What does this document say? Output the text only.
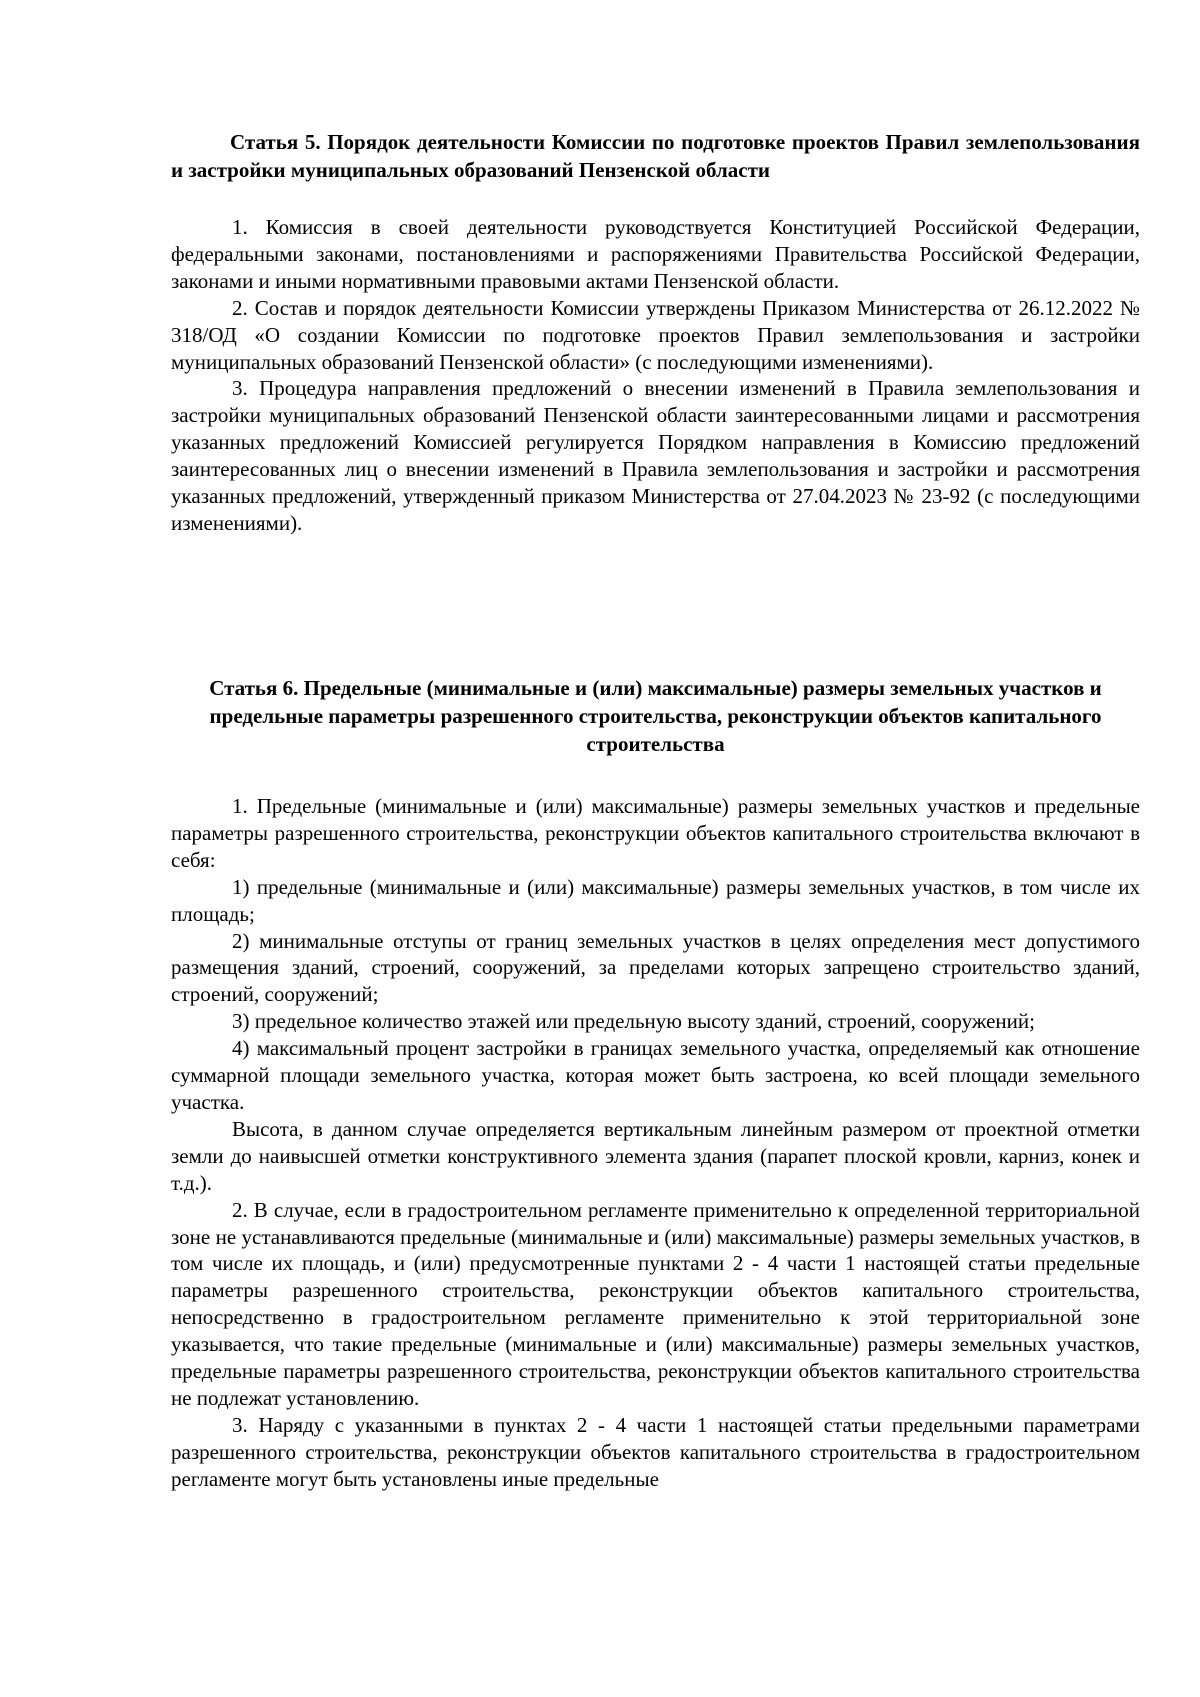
Статья 5. Порядок деятельности Комиссии по подготовке проектов Правил землепользования и застройки муниципальных образований Пензенской области

1. Комиссия в своей деятельности руководствуется Конституцией Российской Федерации, федеральными законами, постановлениями и распоряжениями Правительства Российской Федерации, законами и иными нормативными правовыми актами Пензенской области.

2. Состав и порядок деятельности Комиссии утверждены Приказом Министерства от 26.12.2022 № 318/ОД «О создании Комиссии по подготовке проектов Правил землепользования и застройки муниципальных образований Пензенской области» (с последующими изменениями).

3. Процедура направления предложений о внесении изменений в Правила землепользования и застройки муниципальных образований Пензенской области заинтересованными лицами и рассмотрения указанных предложений Комиссией регулируется Порядком направления в Комиссию предложений заинтересованных лиц о внесении изменений в Правила землепользования и застройки и рассмотрения указанных предложений, утвержденный приказом Министерства от 27.04.2023 № 23-92 (с последующими изменениями).

Статья 6. Предельные (минимальные и (или) максимальные) размеры земельных участков и предельные параметры разрешенного строительства, реконструкции объектов капитального строительства

1. Предельные (минимальные и (или) максимальные) размеры земельных участков и предельные параметры разрешенного строительства, реконструкции объектов капитального строительства включают в себя:

1) предельные (минимальные и (или) максимальные) размеры земельных участков, в том числе их площадь;

2) минимальные отступы от границ земельных участков в целях определения мест допустимого размещения зданий, строений, сооружений, за пределами которых запрещено строительство зданий, строений, сооружений;

3) предельное количество этажей или предельную высоту зданий, строений, сооружений;

4) максимальный процент застройки в границах земельного участка, определяемый как отношение суммарной площади земельного участка, которая может быть застроена, ко всей площади земельного участка.

Высота, в данном случае определяется вертикальным линейным размером от проектной отметки земли до наивысшей отметки конструктивного элемента здания (парапет плоской кровли, карниз, конек и т.д.).

2. В случае, если в градостроительном регламенте применительно к определенной территориальной зоне не устанавливаются предельные (минимальные и (или) максимальные) размеры земельных участков, в том числе их площадь, и (или) предусмотренные пунктами 2 - 4 части 1 настоящей статьи предельные параметры разрешенного строительства, реконструкции объектов капитального строительства, непосредственно в градостроительном регламенте применительно к этой территориальной зоне указывается, что такие предельные (минимальные и (или) максимальные) размеры земельных участков, предельные параметры разрешенного строительства, реконструкции объектов капитального строительства не подлежат установлению.

3. Наряду с указанными в пунктах 2 - 4 части 1 настоящей статьи предельными параметрами разрешенного строительства, реконструкции объектов капитального строительства в градостроительном регламенте могут быть установлены иные предельные
